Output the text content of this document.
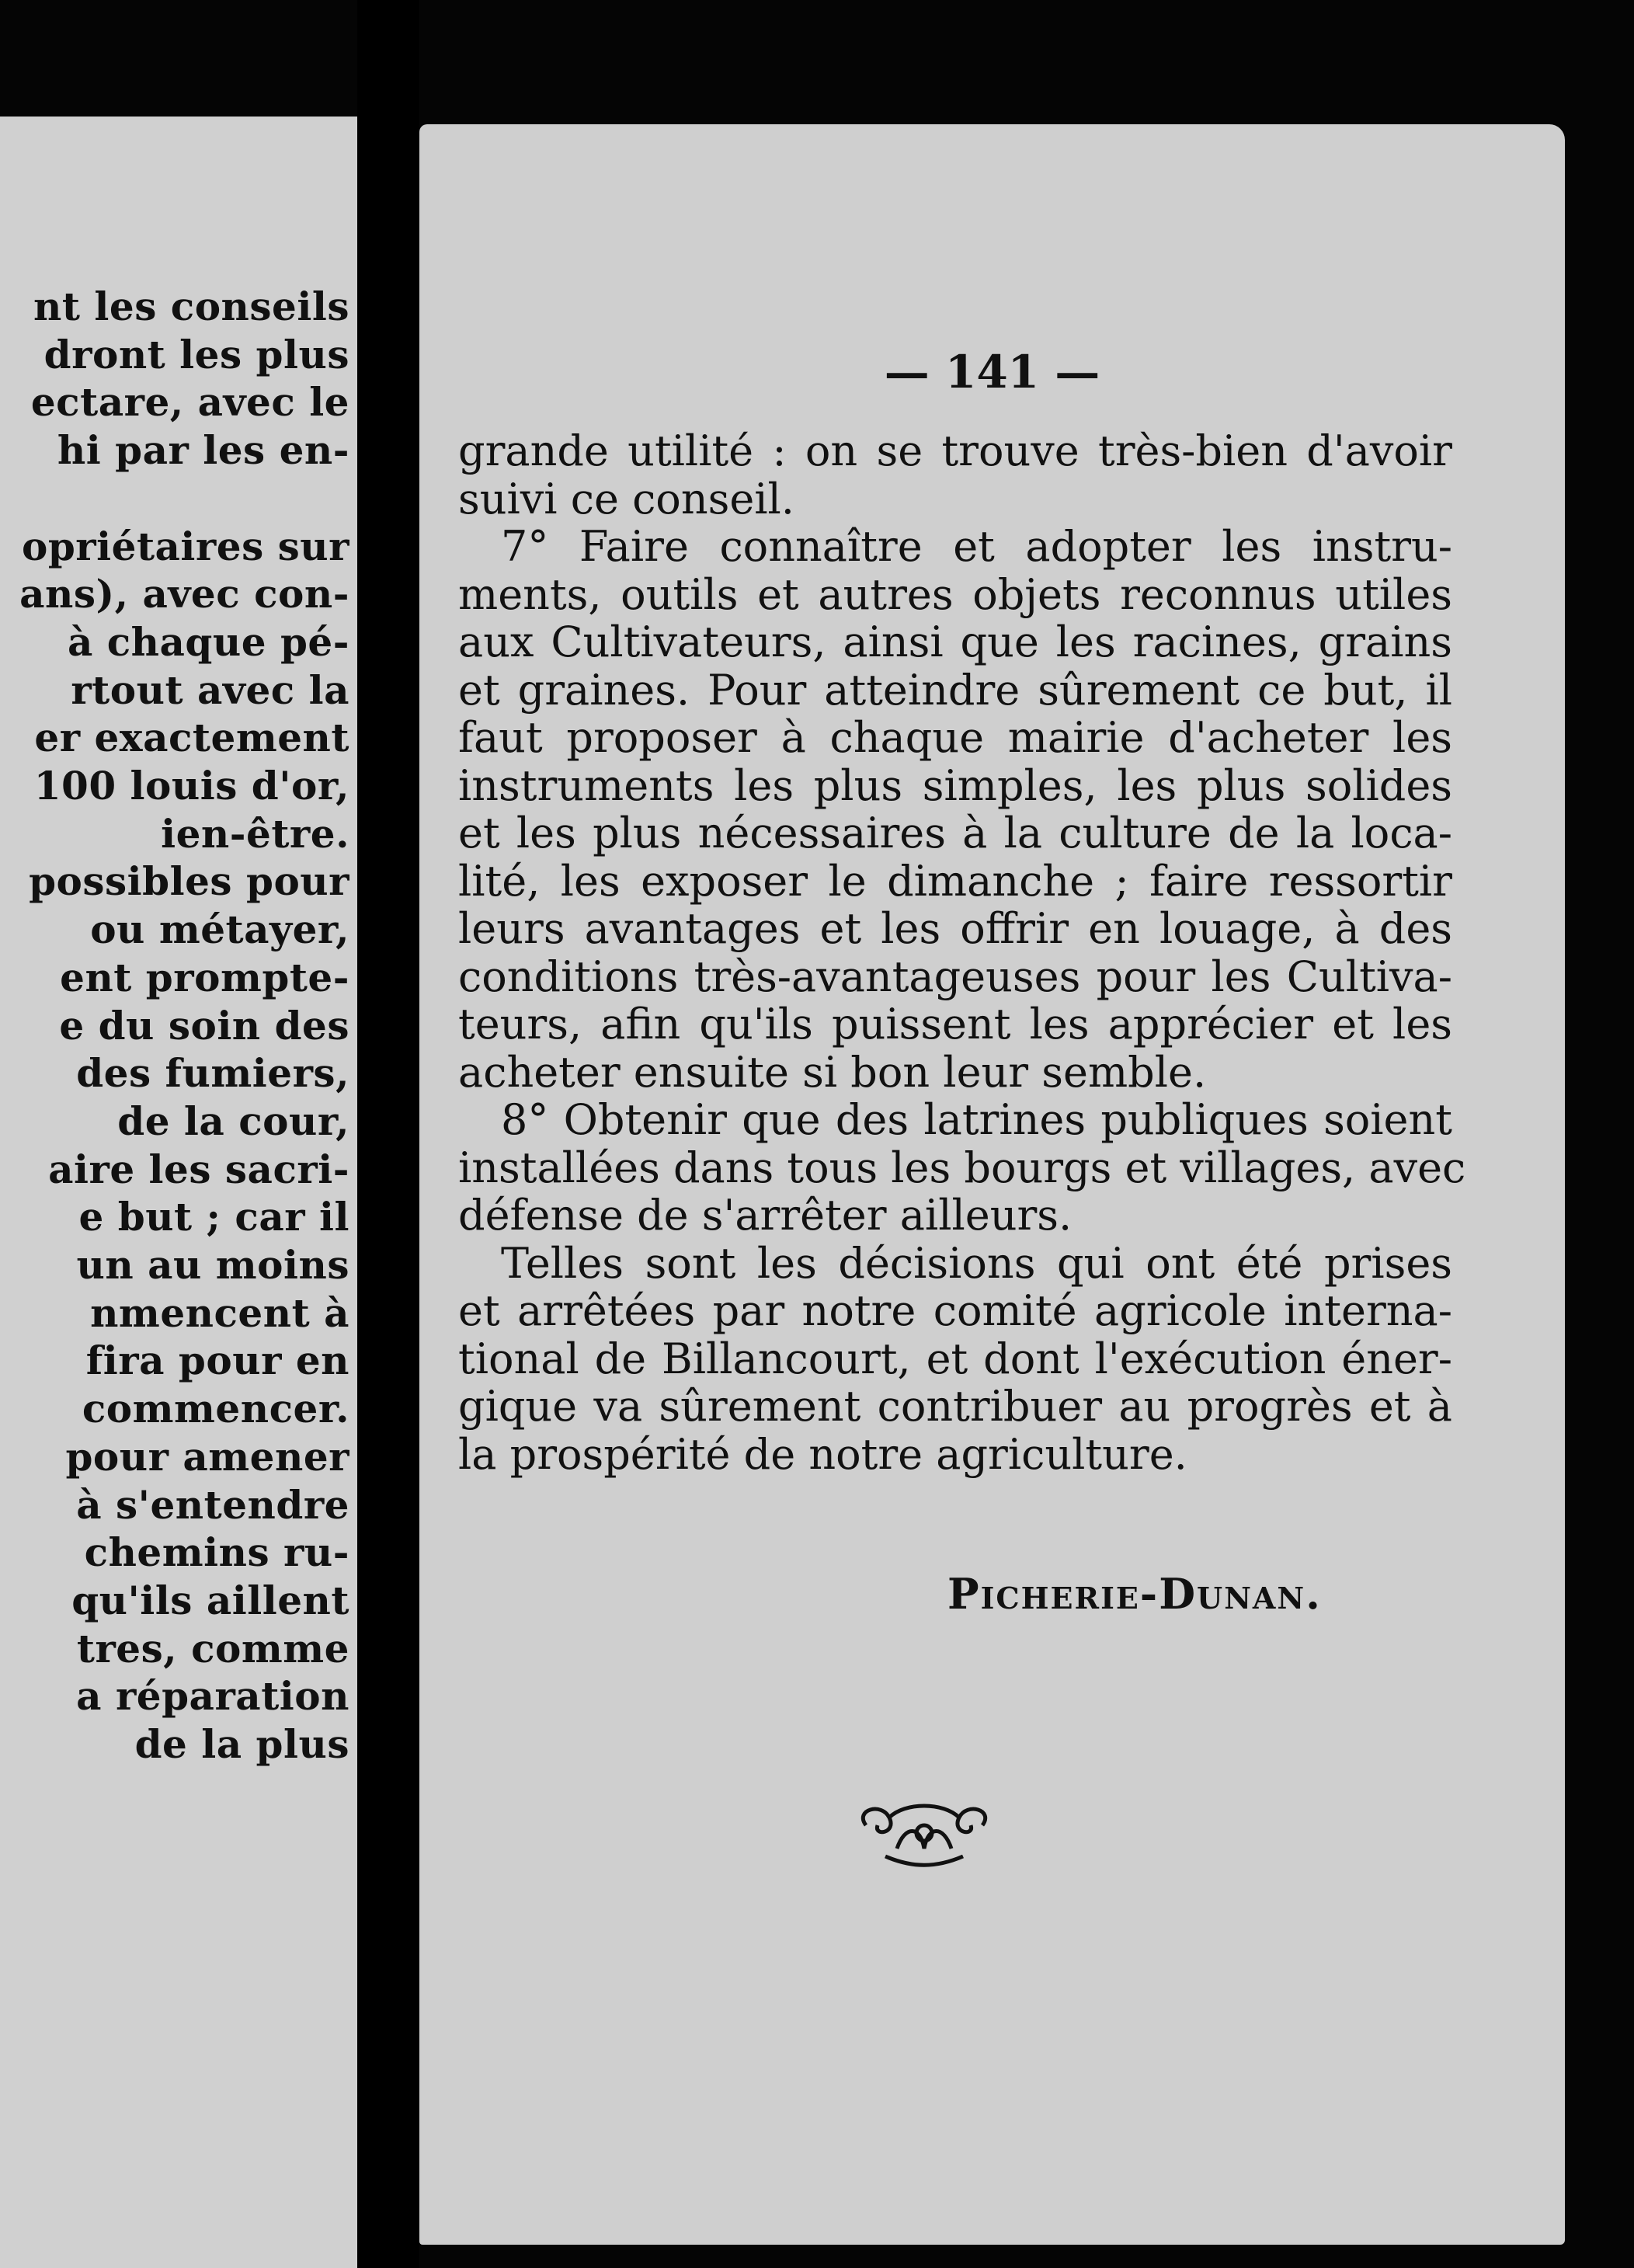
nt les conseils
dront les plus
ectare, avec le
hi par les en-
opriétaires sur
ans), avec con-
à chaque pé-
rtout avec la
er exactement
100 louis d'or,
ien-être.
possibles pour
ou métayer,
ent prompte-
e du soin des
des fumiers,
de la cour,
aire les sacri-
e but ; car il
un au moins
nmencent à
fira pour en
commencer.
pour amener
à s'entendre
chemins ru-
qu'ils aillent
tres, comme
a réparation
de la plus
— 141 —
grande utilité : on se trouve très-bien d'avoir
suivi ce conseil.
7° Faire connaître et adopter les instru-
ments, outils et autres objets reconnus utiles
aux Cultivateurs, ainsi que les racines, grains
et graines. Pour atteindre sûrement ce but, il
faut proposer à chaque mairie d'acheter les
instruments les plus simples, les plus solides
et les plus nécessaires à la culture de la loca-
lité, les exposer le dimanche ; faire ressortir
leurs avantages et les offrir en louage, à des
conditions très-avantageuses pour les Cultiva-
teurs, afin qu'ils puissent les apprécier et les
acheter ensuite si bon leur semble.
8° Obtenir que des latrines publiques soient
installées dans tous les bourgs et villages, avec
défense de s'arrêter ailleurs.
Telles sont les décisions qui ont été prises
et arrêtées par notre comité agricole interna-
tional de Billancourt, et dont l'exécution éner-
gique va sûrement contribuer au progrès et à
la prospérité de notre agriculture.
Picherie-Dunan.
